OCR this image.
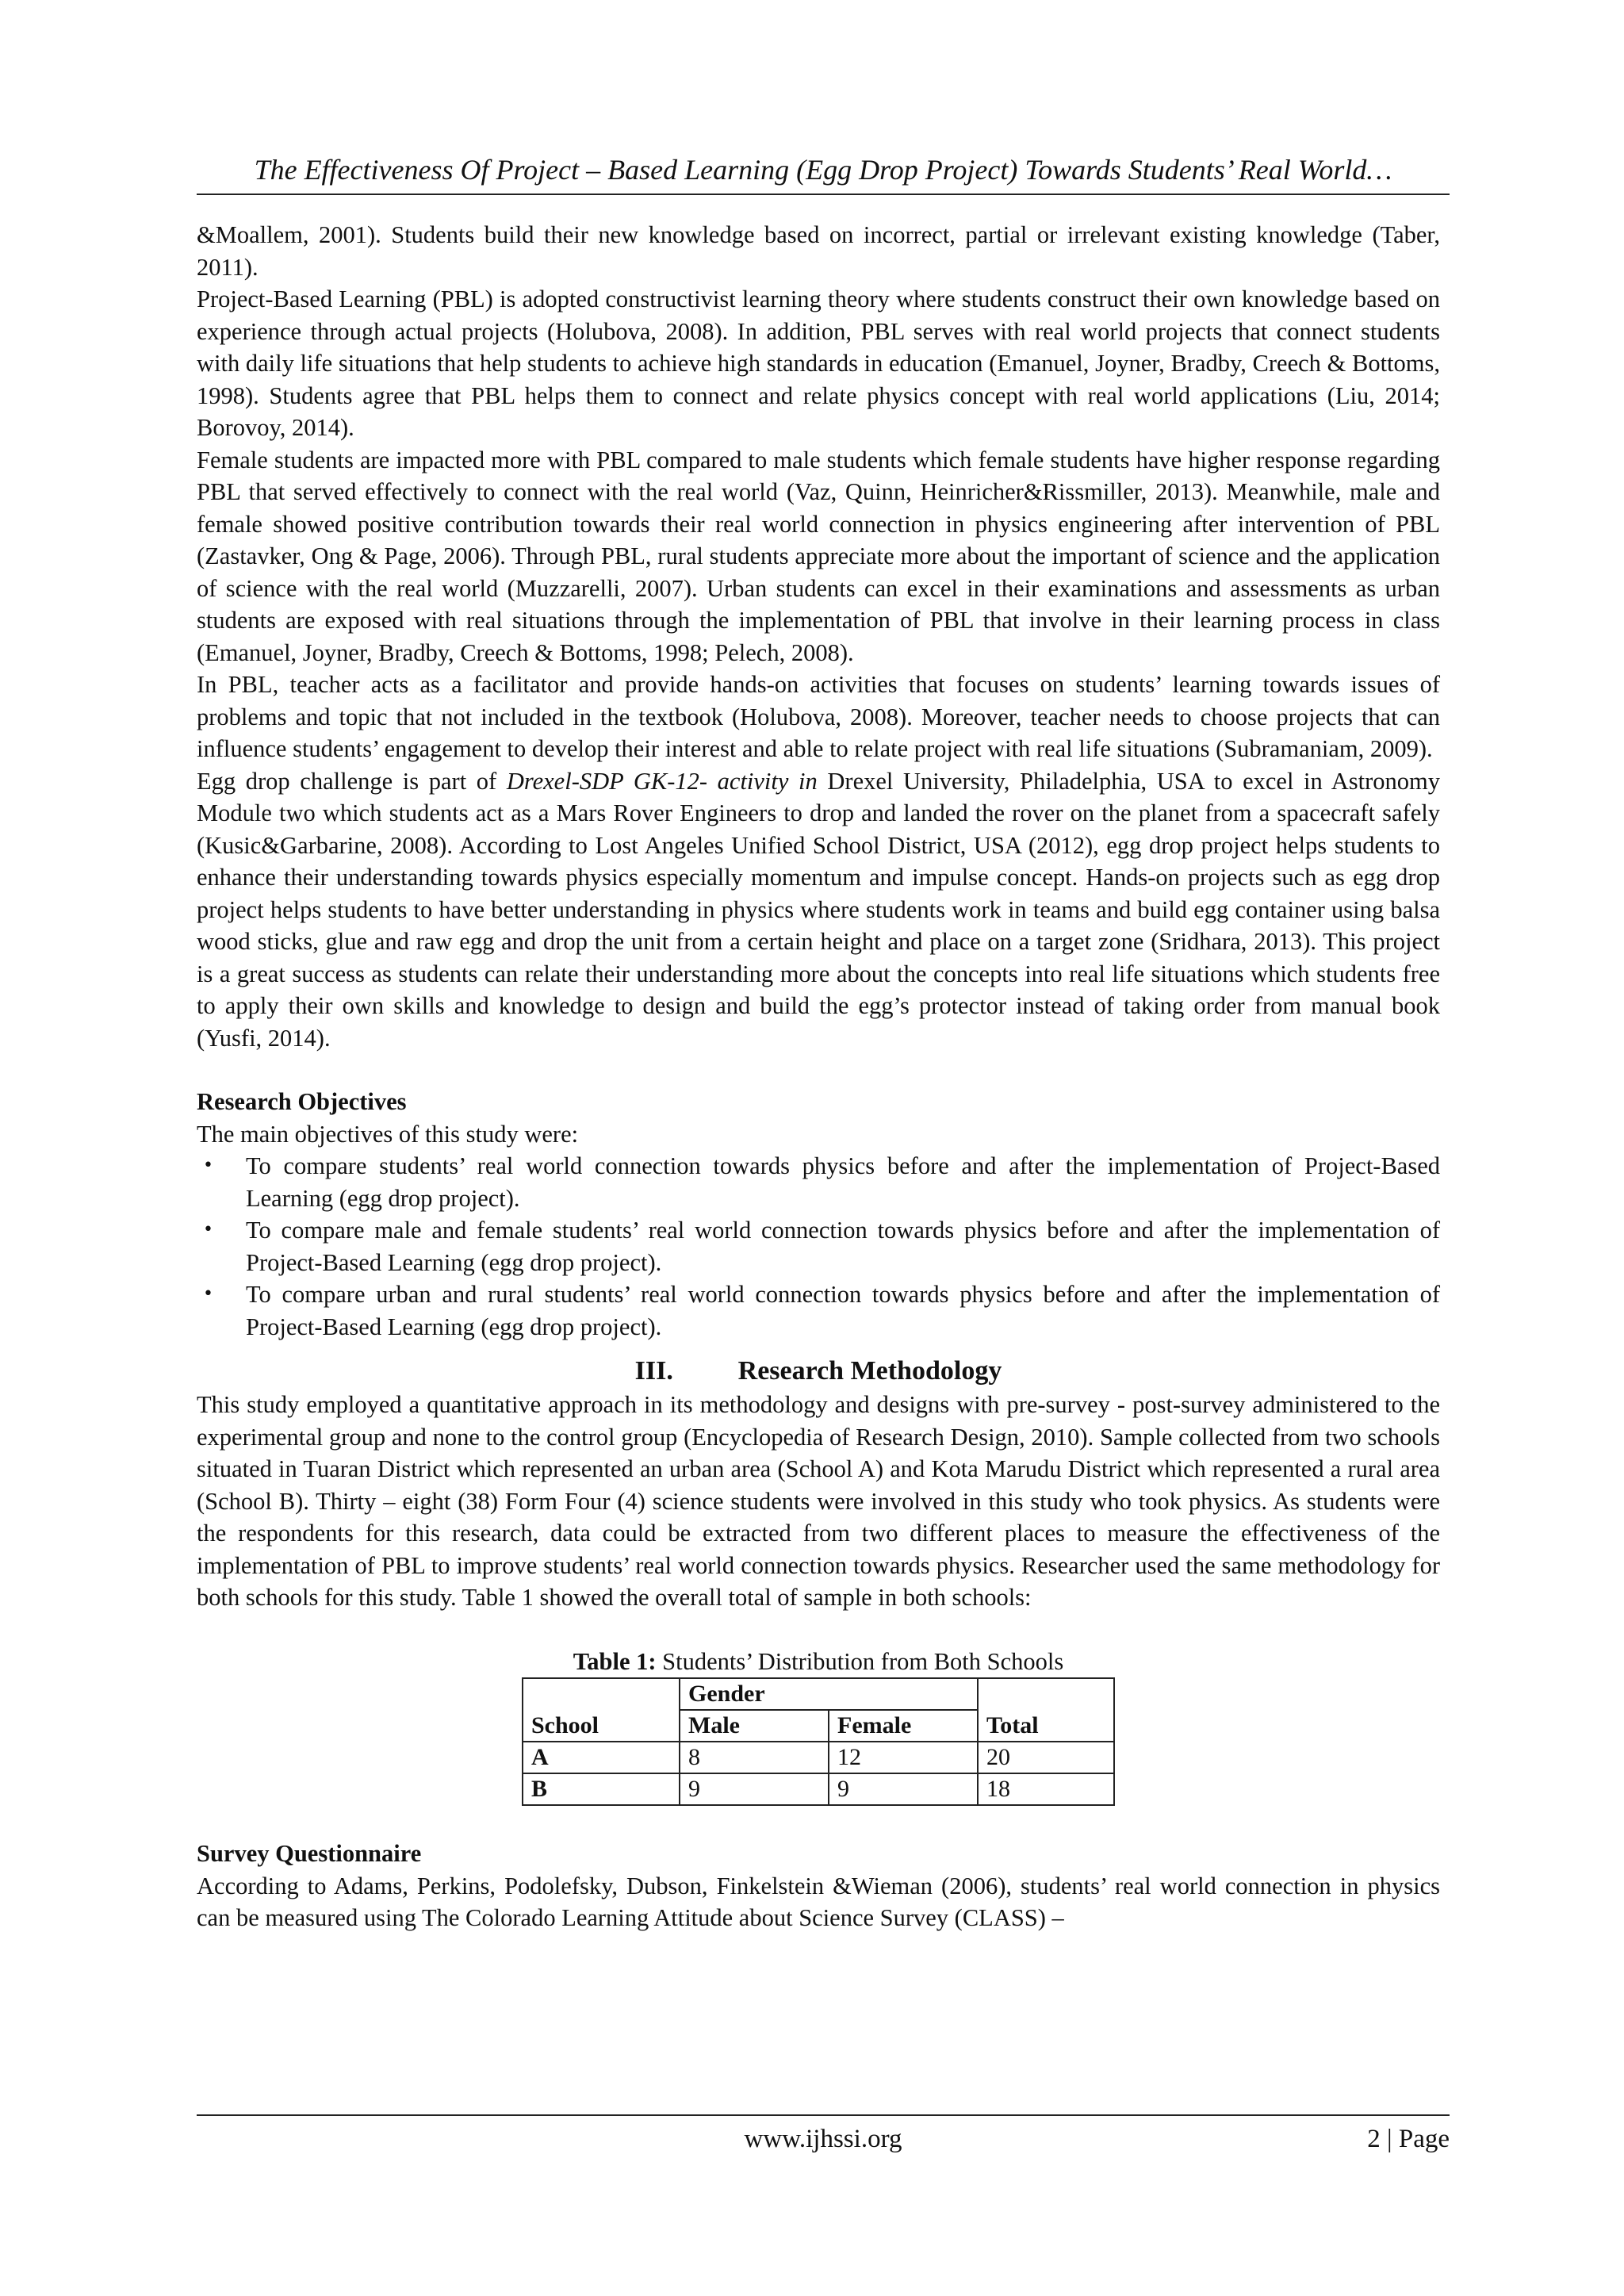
The Effectiveness Of Project – Based Learning (Egg Drop Project) Towards Students’ Real World…

&Moallem, 2001). Students build their new knowledge based on incorrect, partial or irrelevant existing knowledge (Taber, 2011).

Project-Based Learning (PBL) is adopted constructivist learning theory where students construct their own knowledge based on experience through actual projects (Holubova, 2008). In addition, PBL serves with real world projects that connect students with daily life situations that help students to achieve high standards in education (Emanuel, Joyner, Bradby, Creech & Bottoms, 1998). Students agree that PBL helps them to connect and relate physics concept with real world applications (Liu, 2014; Borovoy, 2014).

Female students are impacted more with PBL compared to male students which female students have higher response regarding PBL that served effectively to connect with the real world (Vaz, Quinn, Heinricher&Rissmiller, 2013). Meanwhile, male and female showed positive contribution towards their real world connection in physics engineering after intervention of PBL (Zastavker, Ong & Page, 2006). Through PBL, rural students appreciate more about the important of science and the application of science with the real world (Muzzarelli, 2007). Urban students can excel in their examinations and assessments as urban students are exposed with real situations through the implementation of PBL that involve in their learning process in class (Emanuel, Joyner, Bradby, Creech & Bottoms, 1998; Pelech, 2008).

In PBL, teacher acts as a facilitator and provide hands-on activities that focuses on students’ learning towards issues of problems and topic that not included in the textbook (Holubova, 2008). Moreover, teacher needs to choose projects that can influence students’ engagement to develop their interest and able to relate project with real life situations (Subramaniam, 2009).

Egg drop challenge is part of Drexel-SDP GK-12- activity in Drexel University, Philadelphia, USA to excel in Astronomy Module two which students act as a Mars Rover Engineers to drop and landed the rover on the planet from a spacecraft safely (Kusic&Garbarine, 2008). According to Lost Angeles Unified School District, USA (2012), egg drop project helps students to enhance their understanding towards physics especially momentum and impulse concept. Hands-on projects such as egg drop project helps students to have better understanding in physics where students work in teams and build egg container using balsa wood sticks, glue and raw egg and drop the unit from a certain height and place on a target zone (Sridhara, 2013). This project is a great success as students can relate their understanding more about the concepts into real life situations which students free to apply their own skills and knowledge to design and build the egg’s protector instead of taking order from manual book (Yusfi, 2014).

Research Objectives

The main objectives of this study were:

• To compare students’ real world connection towards physics before and after the implementation of Project-Based Learning (egg drop project).
• To compare male and female students’ real world connection towards physics before and after the implementation of Project-Based Learning (egg drop project).
• To compare urban and rural students’ real world connection towards physics before and after the implementation of Project-Based Learning (egg drop project).
III. Research Methodology

This study employed a quantitative approach in its methodology and designs with pre-survey - post-survey administered to the experimental group and none to the control group (Encyclopedia of Research Design, 2010). Sample collected from two schools situated in Tuaran District which represented an urban area (School A) and Kota Marudu District which represented a rural area (School B). Thirty – eight (38) Form Four (4) science students were involved in this study who took physics. As students were the respondents for this research, data could be extracted from two different places to measure the effectiveness of the implementation of PBL to improve students’ real world connection towards physics. Researcher used the same methodology for both schools for this study. Table 1 showed the overall total of sample in both schools:

Table 1: Students’ Distribution from Both Schools
School	Gender		Total
	Male	Female	
A	8	12	20
B	9	9	18

Survey Questionnaire

According to Adams, Perkins, Podolefsky, Dubson, Finkelstein &Wieman (2006), students’ real world connection in physics can be measured using The Colorado Learning Attitude about Science Survey (CLASS) –

www.ijhssi.org	2 | Page
